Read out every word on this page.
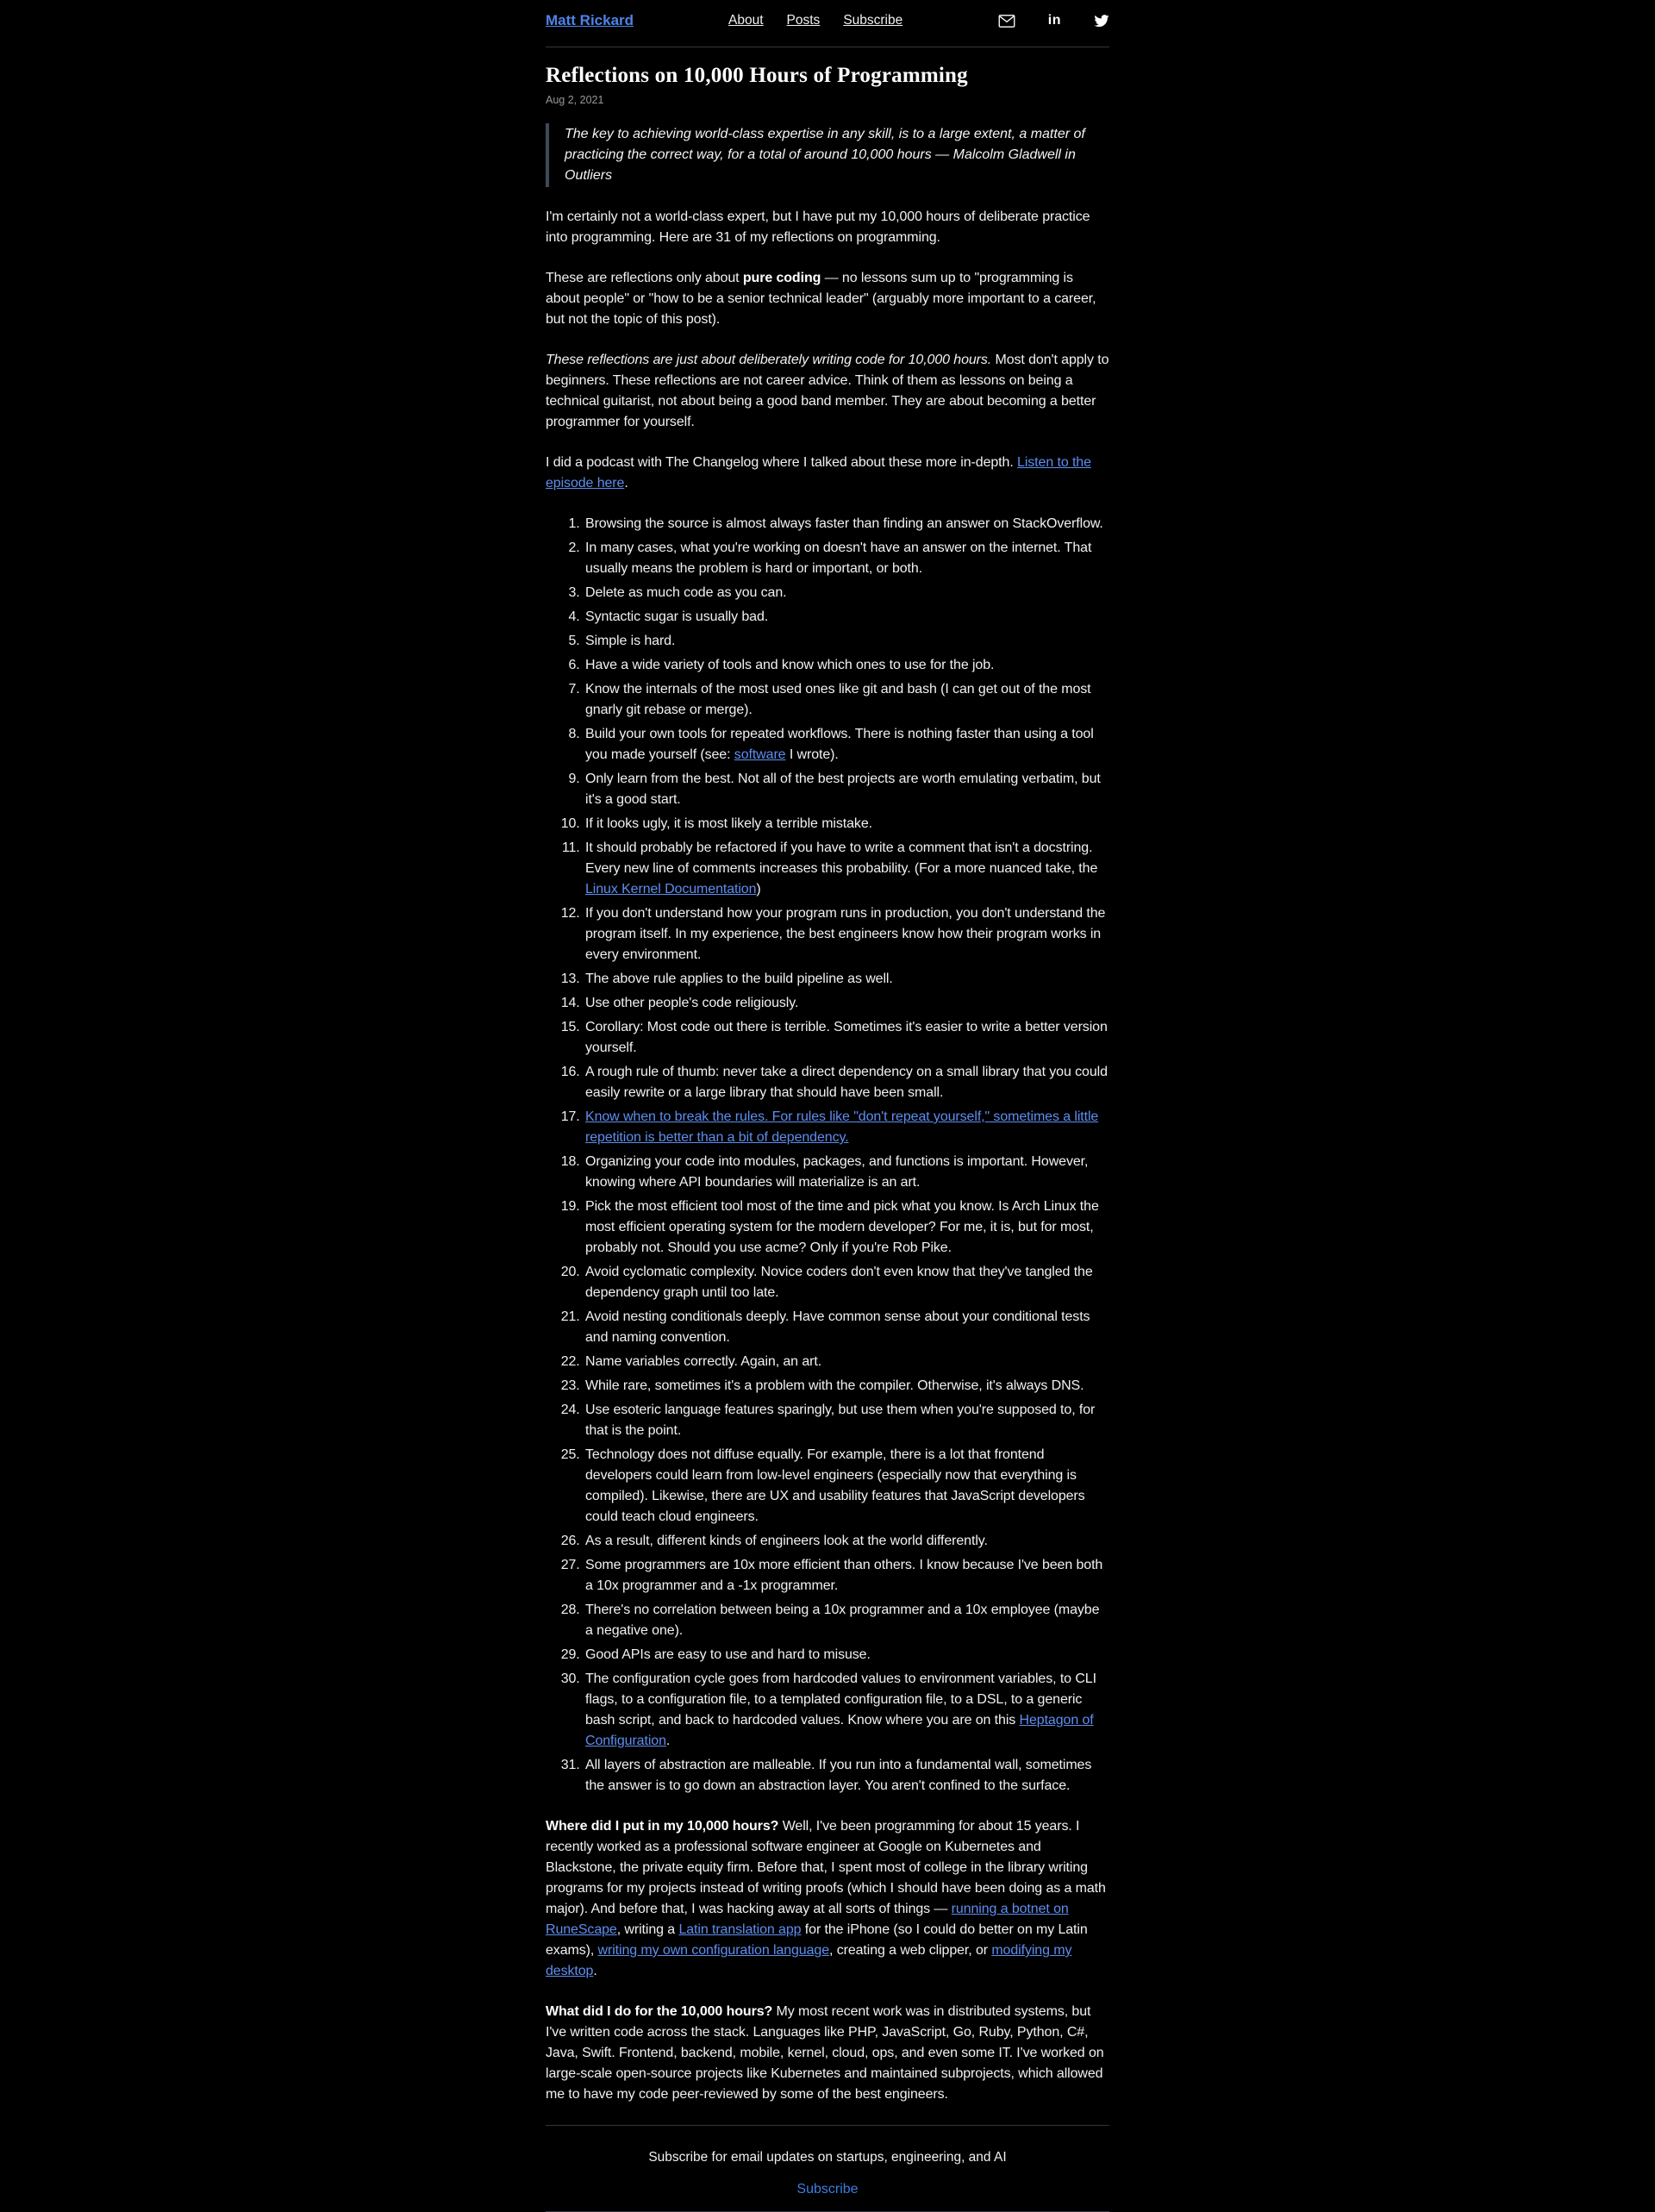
Matt Rickard	About Posts Subscribe	in
Reflections on 10,000 Hours of Programming
Aug 2, 2021
The key to achieving world-class expertise in any skill, is to a large extent, a matter of practicing the correct way, for a total of around 10,000 hours — Malcolm Gladwell in Outliers

I'm certainly not a world-class expert, but I have put my 10,000 hours of deliberate practice into programming. Here are 31 of my reflections on programming.

These are reflections only about pure coding — no lessons sum up to "programming is about people" or "how to be a senior technical leader" (arguably more important to a career, but not the topic of this post).

These reflections are just about deliberately writing code for 10,000 hours. Most don't apply to beginners. These reflections are not career advice. Think of them as lessons on being a technical guitarist, not about being a good band member. They are about becoming a better programmer for yourself.

I did a podcast with The Changelog where I talked about these more in-depth. Listen to the episode here.

1. Browsing the source is almost always faster than finding an answer on StackOverflow.
2. In many cases, what you're working on doesn't have an answer on the internet. That usually means the problem is hard or important, or both.
3. Delete as much code as you can.
4. Syntactic sugar is usually bad.
5. Simple is hard.
6. Have a wide variety of tools and know which ones to use for the job.
7. Know the internals of the most used ones like git and bash (I can get out of the most gnarly git rebase or merge).
8. Build your own tools for repeated workflows. There is nothing faster than using a tool you made yourself (see: software I wrote).
9. Only learn from the best. Not all of the best projects are worth emulating verbatim, but it's a good start.
10. If it looks ugly, it is most likely a terrible mistake.
11. It should probably be refactored if you have to write a comment that isn't a docstring. Every new line of comments increases this probability. (For a more nuanced take, the Linux Kernel Documentation)
12. If you don't understand how your program runs in production, you don't understand the program itself. In my experience, the best engineers know how their program works in every environment.
13. The above rule applies to the build pipeline as well.
14. Use other people's code religiously.
15. Corollary: Most code out there is terrible. Sometimes it's easier to write a better version yourself.
16. A rough rule of thumb: never take a direct dependency on a small library that you could easily rewrite or a large library that should have been small.
17. Know when to break the rules. For rules like "don't repeat yourself," sometimes a little repetition is better than a bit of dependency.
18. Organizing your code into modules, packages, and functions is important. However, knowing where API boundaries will materialize is an art.
19. Pick the most efficient tool most of the time and pick what you know. Is Arch Linux the most efficient operating system for the modern developer? For me, it is, but for most, probably not. Should you use acme? Only if you're Rob Pike.
20. Avoid cyclomatic complexity. Novice coders don't even know that they've tangled the dependency graph until too late.
21. Avoid nesting conditionals deeply. Have common sense about your conditional tests and naming convention.
22. Name variables correctly. Again, an art.
23. While rare, sometimes it's a problem with the compiler. Otherwise, it's always DNS.
24. Use esoteric language features sparingly, but use them when you're supposed to, for that is the point.
25. Technology does not diffuse equally. For example, there is a lot that frontend developers could learn from low-level engineers (especially now that everything is compiled). Likewise, there are UX and usability features that JavaScript developers could teach cloud engineers.
26. As a result, different kinds of engineers look at the world differently.
27. Some programmers are 10x more efficient than others. I know because I've been both a 10x programmer and a -1x programmer.
28. There's no correlation between being a 10x programmer and a 10x employee (maybe a negative one).
29. Good APIs are easy to use and hard to misuse.
30. The configuration cycle goes from hardcoded values to environment variables, to CLI flags, to a configuration file, to a templated configuration file, to a DSL, to a generic bash script, and back to hardcoded values. Know where you are on this Heptagon of Configuration.
31. All layers of abstraction are malleable. If you run into a fundamental wall, sometimes the answer is to go down an abstraction layer. You aren't confined to the surface.

Where did I put in my 10,000 hours? Well, I've been programming for about 15 years. I recently worked as a professional software engineer at Google on Kubernetes and Blackstone, the private equity firm. Before that, I spent most of college in the library writing programs for my projects instead of writing proofs (which I should have been doing as a math major). And before that, I was hacking away at all sorts of things — running a botnet on RuneScape, writing a Latin translation app for the iPhone (so I could do better on my Latin exams), writing my own configuration language, creating a web clipper, or modifying my desktop.

What did I do for the 10,000 hours? My most recent work was in distributed systems, but I've written code across the stack. Languages like PHP, JavaScript, Go, Ruby, Python, C#, Java, Swift. Frontend, backend, mobile, kernel, cloud, ops, and even some IT. I've worked on large-scale open-source projects like Kubernetes and maintained subprojects, which allowed me to have my code peer-reviewed by some of the best engineers.

Subscribe for email updates on startups, engineering, and AI
Subscribe
